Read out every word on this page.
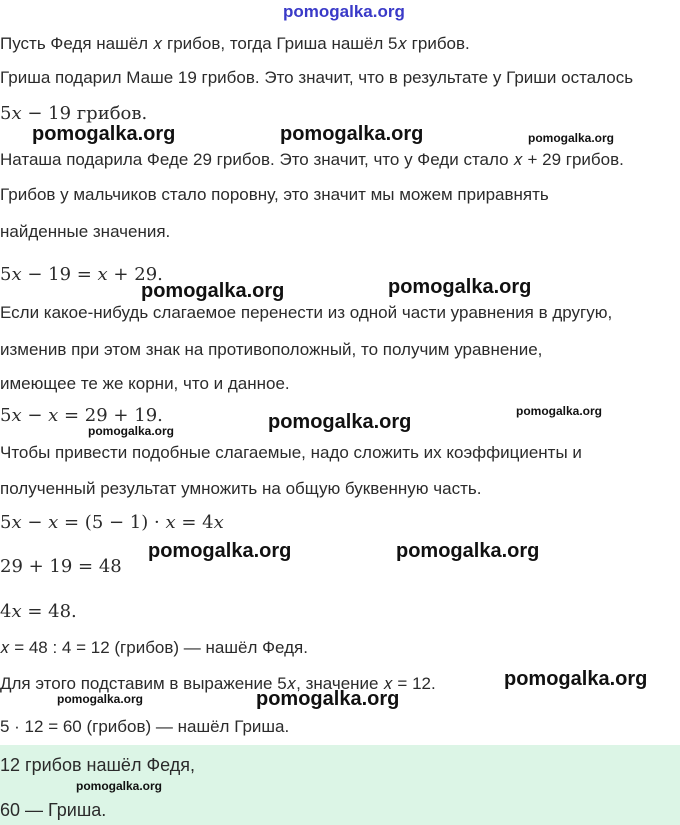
pomogalka.org
Пусть Федя нашёл 𝑥 грибов, тогда Гриша нашёл 5𝑥 грибов.
Гриша подарил Маше 19 грибов. Это значит, что в результате у Гриши осталось
5𝑥 − 19 грибов.
Наташа подарила Феде 29 грибов. Это значит, что у Феди стало 𝑥 + 29 грибов.
Грибов у мальчиков стало поровну, это значит мы можем приравнять
найденные значения.
5𝑥 − 19 = 𝑥 + 29.
Если какое-нибудь слагаемое перенести из одной части уравнения в другую,
изменив при этом знак на противоположный, то получим уравнение,
имеющее те же корни, что и данное.
5𝑥 − 𝑥 = 29 + 19.
Чтобы привести подобные слагаемые, надо сложить их коэффициенты и
полученный результат умножить на общую буквенную часть.
5𝑥 − 𝑥 = (5 − 1) · 𝑥 = 4𝑥
29 + 19 = 48
4𝑥 = 48.
𝑥 = 48 : 4 = 12 (грибов) — нашёл Федя.
Для этого подставим в выражение 5𝑥, значение 𝑥 = 12.
5 · 12 = 60 (грибов) — нашёл Гриша.
12 грибов нашёл Федя,
60 — Гриша.
pomogalka.org	pomogalka.org	pomogalka.org
pomogalka.org	pomogalka.org
pomogalka.org	pomogalka.org
pomogalka.org
pomogalka.org	pomogalka.org
pomogalka.org
pomogalka.org	pomogalka.org
pomogalka.org
